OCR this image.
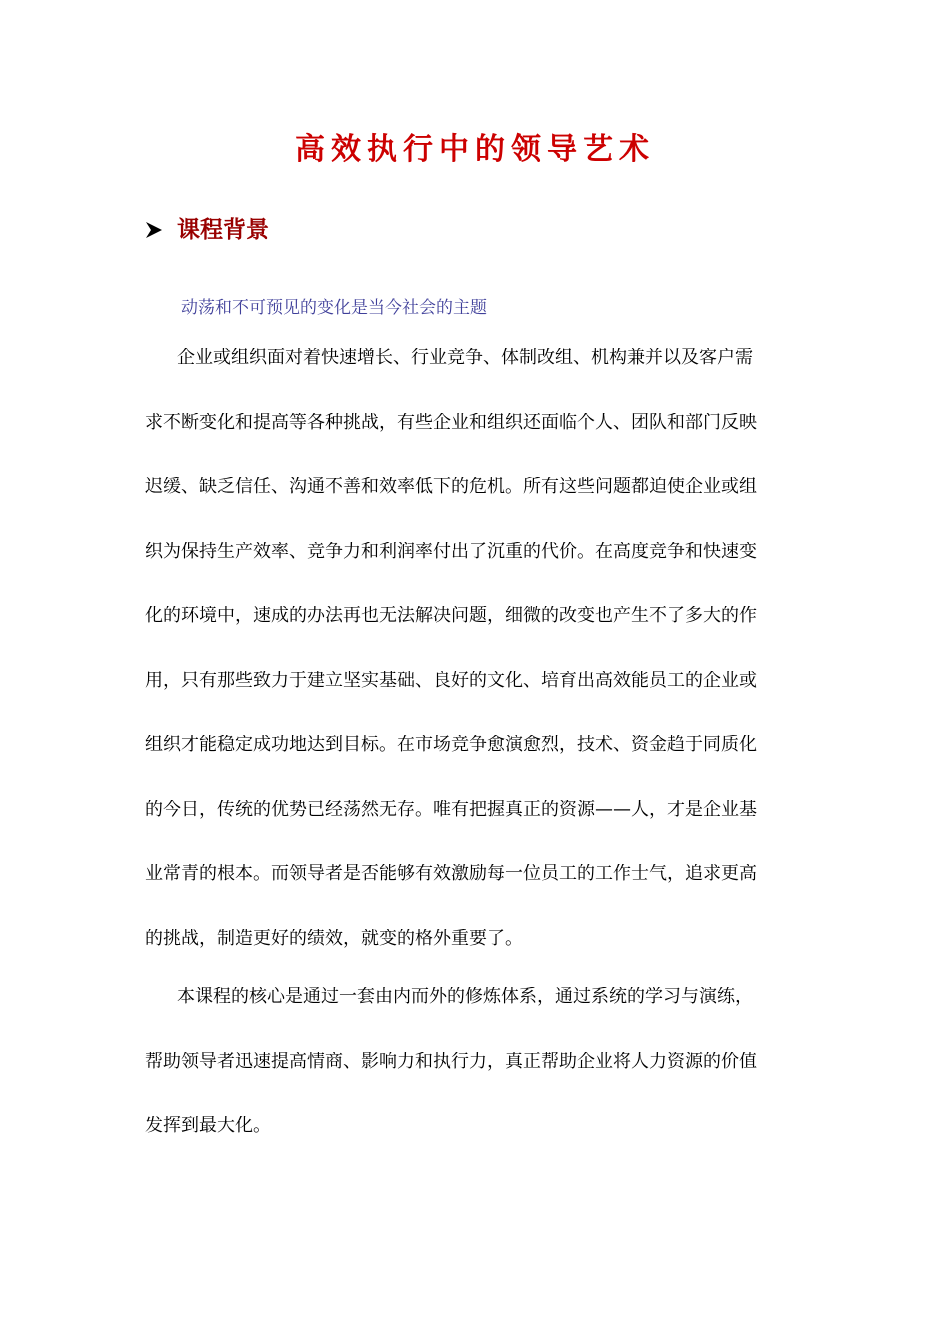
高效执行中的领导艺术
课程背景
动荡和不可预见的变化是当今社会的主题
企业或组织面对着快速增长、行业竞争、体制改组、机构兼并以及客户需
求不断变化和提高等各种挑战，有些企业和组织还面临个人、团队和部门反映
迟缓、缺乏信任、沟通不善和效率低下的危机。所有这些问题都迫使企业或组
织为保持生产效率、竞争力和利润率付出了沉重的代价。在高度竞争和快速变
化的环境中，速成的办法再也无法解决问题，细微的改变也产生不了多大的作
用，只有那些致力于建立坚实基础、良好的文化、培育出高效能员工的企业或
组织才能稳定成功地达到目标。在市场竞争愈演愈烈，技术、资金趋于同质化
的今日，传统的优势已经荡然无存。唯有把握真正的资源——人，才是企业基
业常青的根本。而领导者是否能够有效激励每一位员工的工作士气，追求更高
的挑战，制造更好的绩效，就变的格外重要了。
本课程的核心是通过一套由内而外的修炼体系，通过系统的学习与演练，
帮助领导者迅速提高情商、影响力和执行力，真正帮助企业将人力资源的价值
发挥到最大化。
